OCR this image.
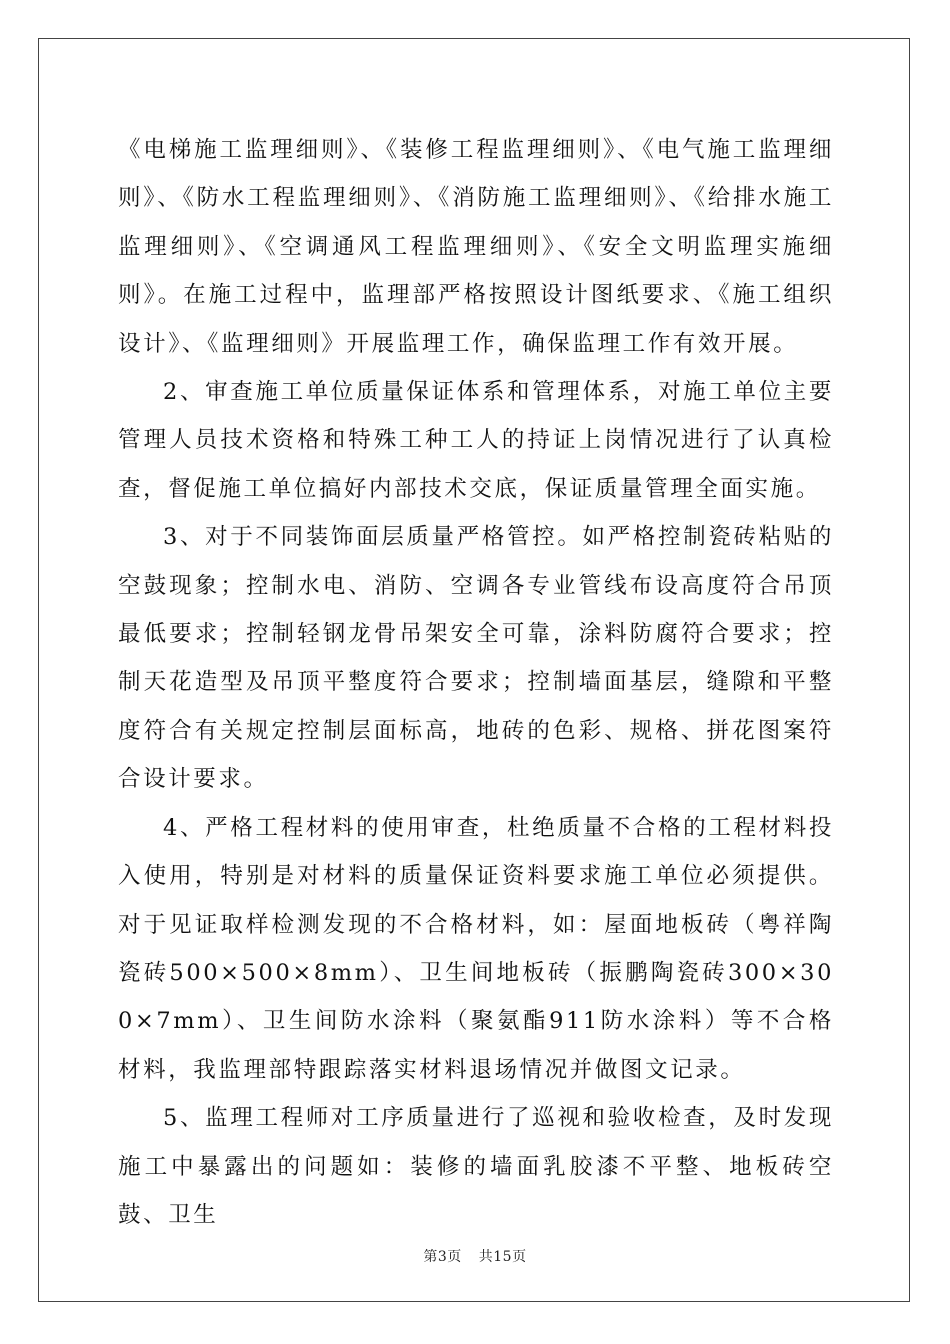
《电梯施工监理细则》、《装修工程监理细则》、《电气施工监理细则》、《防水工程监理细则》、《消防施工监理细则》、《给排水施工监理细则》、《空调通风工程监理细则》、《安全文明监理实施细则》。在施工过程中，监理部严格按照设计图纸要求、《施工组织设计》、《监理细则》开展监理工作，确保监理工作有效开展。

2、审查施工单位质量保证体系和管理体系，对施工单位主要管理人员技术资格和特殊工种工人的持证上岗情况进行了认真检查，督促施工单位搞好内部技术交底，保证质量管理全面实施。

3、对于不同装饰面层质量严格管控。如严格控制瓷砖粘贴的空鼓现象；控制水电、消防、空调各专业管线布设高度符合吊顶最低要求；控制轻钢龙骨吊架安全可靠，涂料防腐符合要求；控制天花造型及吊顶平整度符合要求；控制墙面基层，缝隙和平整度符合有关规定控制层面标高，地砖的色彩、规格、拼花图案符合设计要求。

4、严格工程材料的使用审查，杜绝质量不合格的工程材料投入使用，特别是对材料的质量保证资料要求施工单位必须提供。对于见证取样检测发现的不合格材料，如：屋面地板砖（粤祥陶瓷砖500×500×8mm）、卫生间地板砖（振鹏陶瓷砖300×300×7mm）、卫生间防水涂料（聚氨酯911防水涂料）等不合格材料，我监理部特跟踪落实材料退场情况并做图文记录。

5、监理工程师对工序质量进行了巡视和验收检查，及时发现施工中暴露出的问题如：装修的墙面乳胶漆不平整、地板砖空鼓、卫生

第3页 共15页
